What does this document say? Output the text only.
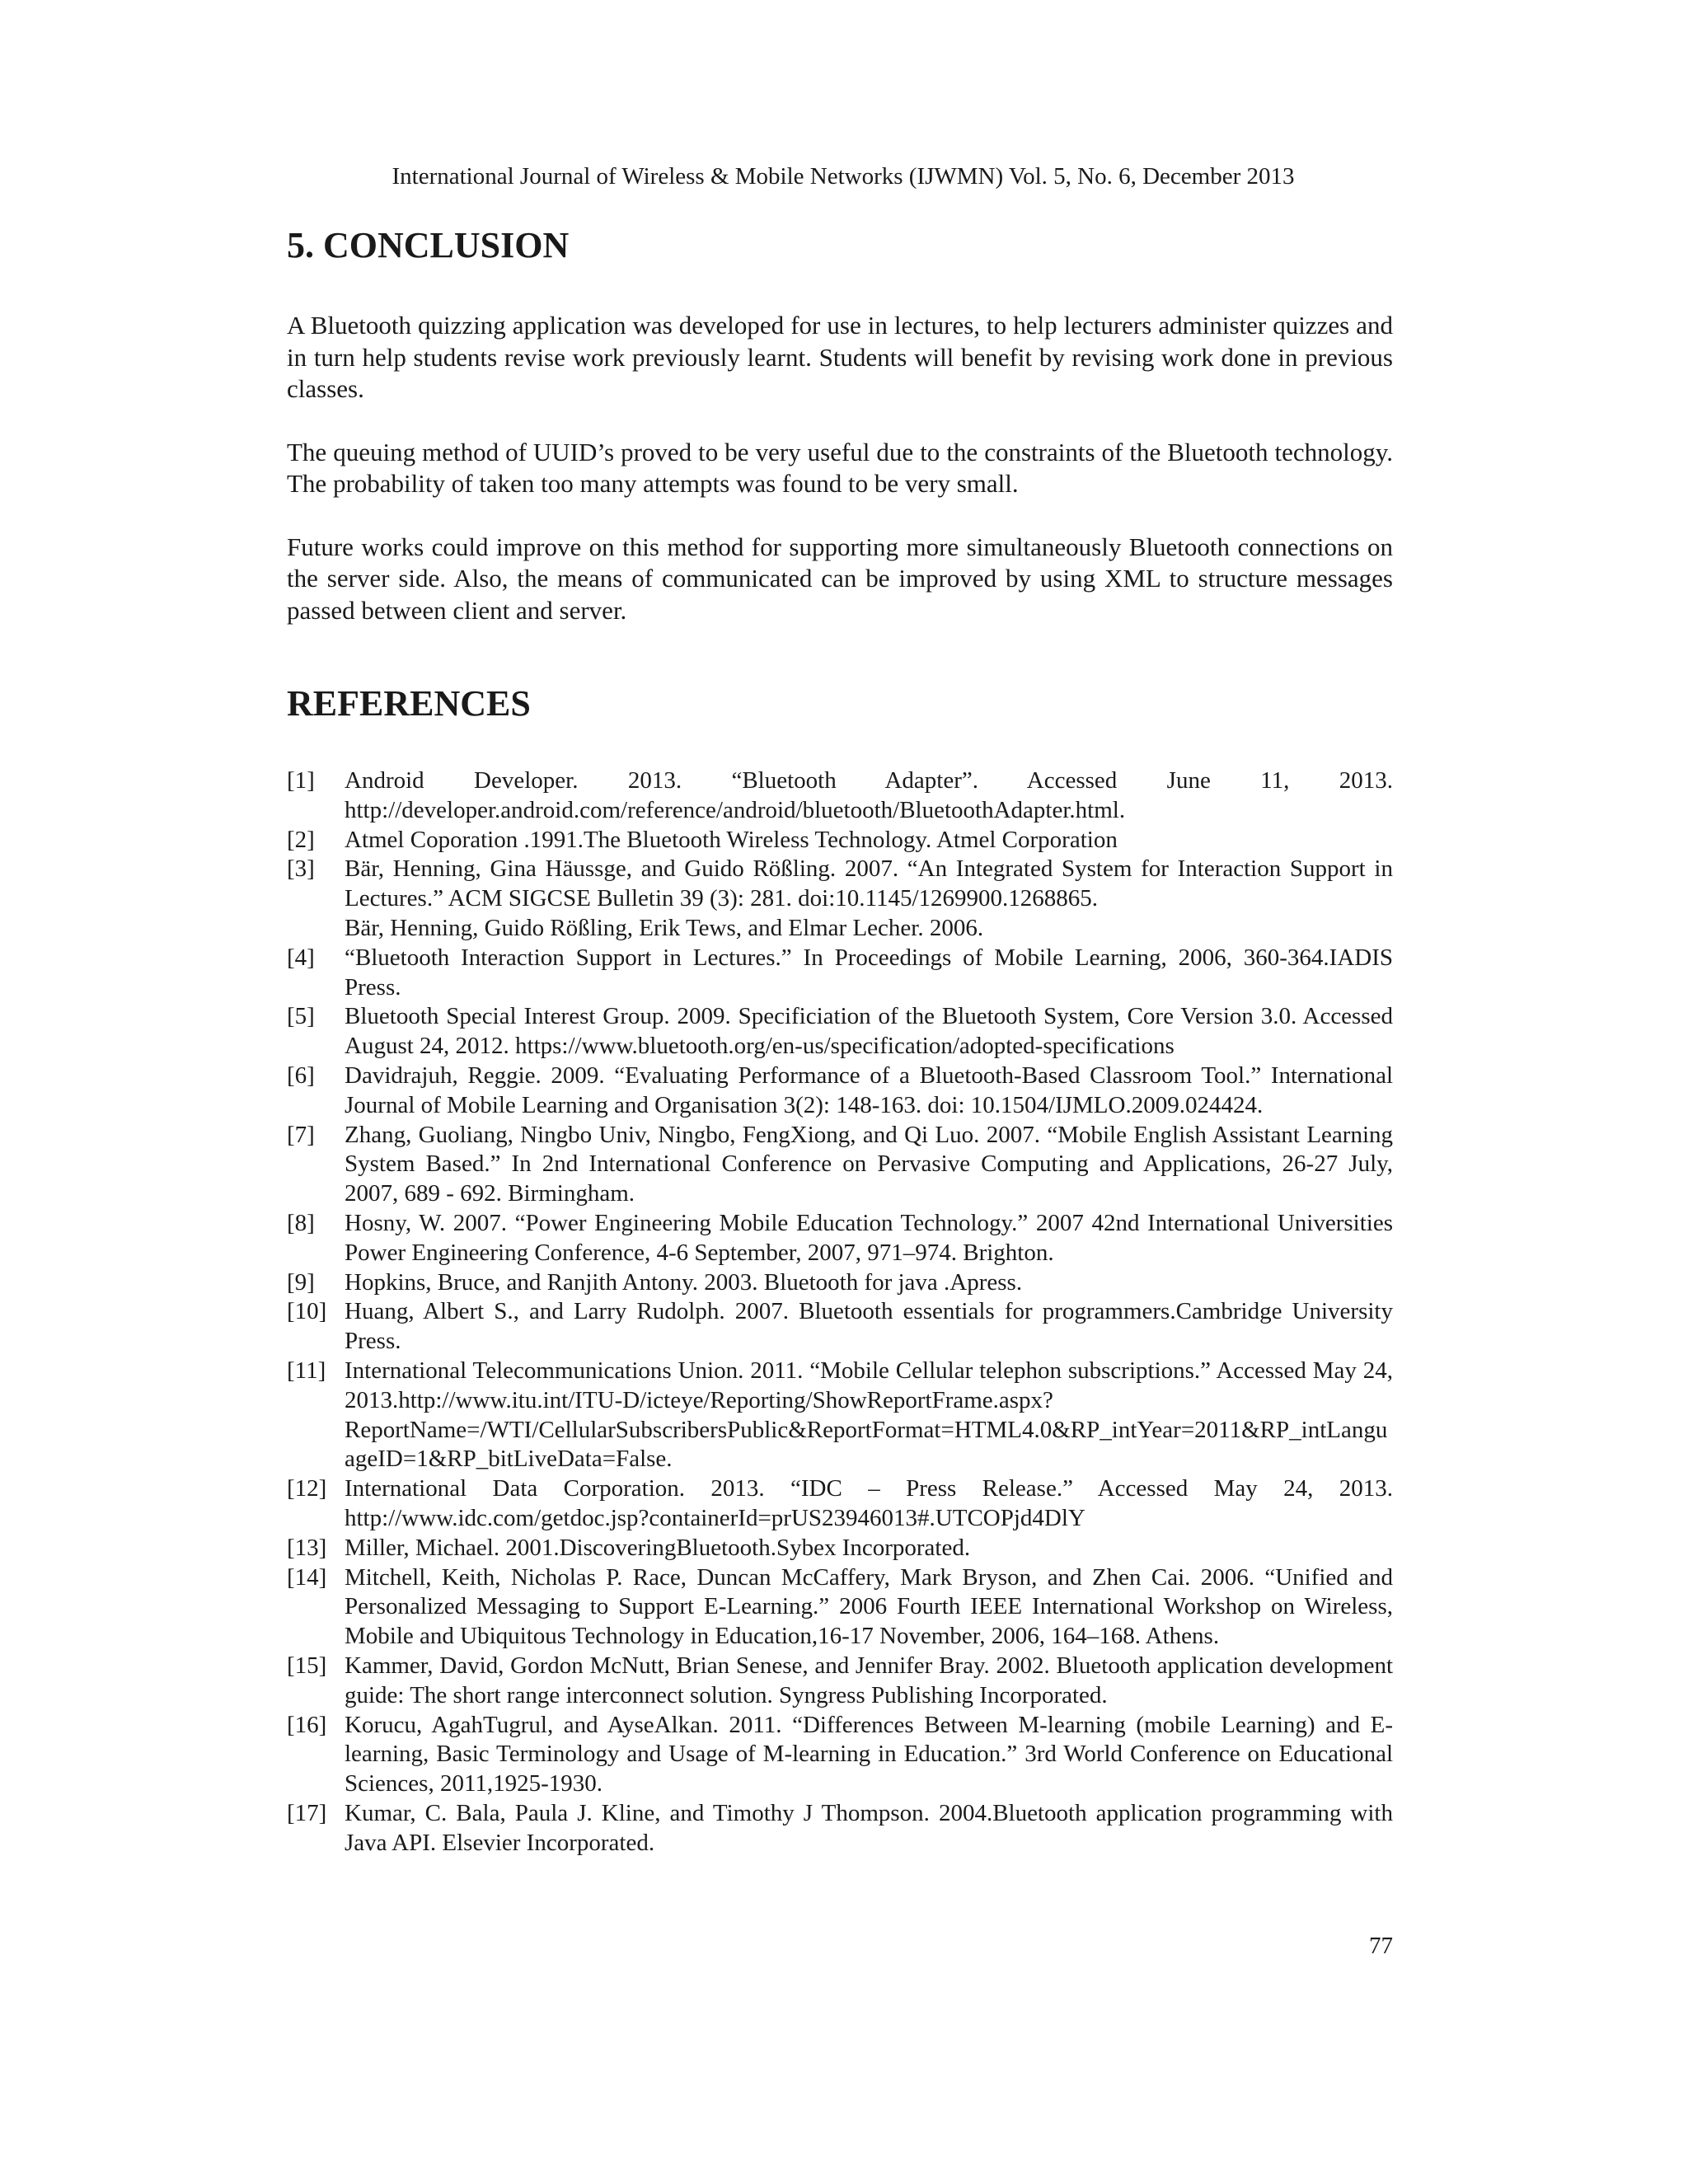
International Journal of Wireless & Mobile Networks (IJWMN) Vol. 5, No. 6, December 2013
5. CONCLUSION

A Bluetooth quizzing application was developed for use in lectures, to help lecturers administer quizzes and in turn help students revise work previously learnt. Students will benefit by revising work done in previous classes.

The queuing method of UUID’s proved to be very useful due to the constraints of the Bluetooth technology. The probability of taken too many attempts was found to be very small.

Future works could improve on this method for supporting more simultaneously Bluetooth connections on the server side. Also, the means of communicated can be improved by using XML to structure messages passed between client and server.

REFERENCES
[1]	Android Developer. 2013. “Bluetooth Adapter”. Accessed June 11, 2013. http://developer.android.com/reference/android/bluetooth/BluetoothAdapter.html.
[2]	Atmel Coporation .1991.The Bluetooth Wireless Technology. Atmel Corporation
[3]	Bär, Henning, Gina Häussge, and Guido Rößling. 2007. “An Integrated System for Interaction Support in Lectures.” ACM SIGCSE Bulletin 39 (3): 281. doi:10.1145/1269900.1268865.
Bär, Henning, Guido Rößling, Erik Tews, and Elmar Lecher. 2006.
[4]	“Bluetooth Interaction Support in Lectures.” In Proceedings of Mobile Learning, 2006, 360-364.IADIS Press.
[5]	Bluetooth Special Interest Group. 2009. Specificiation of the Bluetooth System, Core Version 3.0. Accessed August 24, 2012. https://www.bluetooth.org/en-us/specification/adopted-specifications
[6]	Davidrajuh, Reggie. 2009. “Evaluating Performance of a Bluetooth-Based Classroom Tool.” International Journal of Mobile Learning and Organisation 3(2): 148-163. doi: 10.1504/IJMLO.2009.024424.
[7]	Zhang, Guoliang, Ningbo Univ, Ningbo, FengXiong, and Qi Luo. 2007. “Mobile English Assistant Learning System Based.” In 2nd International Conference on Pervasive Computing and Applications, 26-27 July, 2007, 689 - 692. Birmingham.
[8]	Hosny, W. 2007. “Power Engineering Mobile Education Technology.” 2007 42nd International Universities Power Engineering Conference, 4-6 September, 2007, 971–974. Brighton.
[9]	Hopkins, Bruce, and Ranjith Antony. 2003. Bluetooth for java .Apress.
[10] Huang, Albert S., and Larry Rudolph. 2007. Bluetooth essentials for programmers.Cambridge University Press.
[11] International Telecommunications Union. 2011. “Mobile Cellular telephon subscriptions.” Accessed May 24, 2013.http://www.itu.int/ITU-D/icteye/Reporting/ShowReportFrame.aspx?ReportName=/WTI/CellularSubscribersPublic&ReportFormat=HTML4.0&RP_intYear=2011&RP_intLanguageID=1&RP_bitLiveData=False.
[12] International Data Corporation. 2013. “IDC – Press Release.” Accessed May 24, 2013. http://www.idc.com/getdoc.jsp?containerId=prUS23946013#.UTCOPjd4DlY
[13] Miller, Michael. 2001.DiscoveringBluetooth.Sybex Incorporated.
[14] Mitchell, Keith, Nicholas P. Race, Duncan McCaffery, Mark Bryson, and Zhen Cai. 2006. “Unified and Personalized Messaging to Support E-Learning.” 2006 Fourth IEEE International Workshop on Wireless, Mobile and Ubiquitous Technology in Education,16-17 November, 2006, 164–168. Athens.
[15] Kammer, David, Gordon McNutt, Brian Senese, and Jennifer Bray. 2002. Bluetooth application development guide: The short range interconnect solution. Syngress Publishing Incorporated.
[16] Korucu, AgahTugrul, and AyseAlkan. 2011. “Differences Between M-learning (mobile Learning) and E-learning, Basic Terminology and Usage of M-learning in Education.” 3rd World Conference on Educational Sciences, 2011,1925-1930.
[17] Kumar, C. Bala, Paula J. Kline, and Timothy J Thompson. 2004.Bluetooth application programming with Java API. Elsevier Incorporated.
77
